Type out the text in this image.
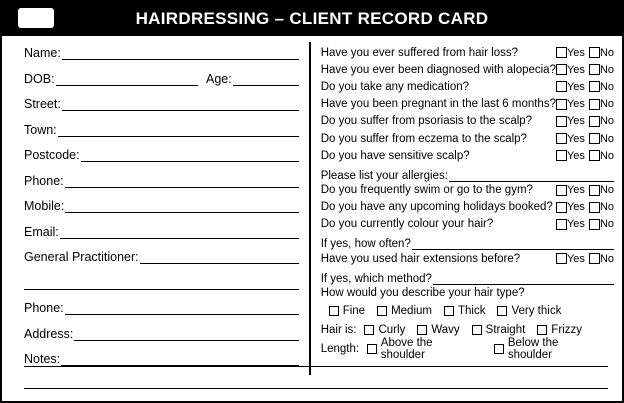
HAIRDRESSING – CLIENT RECORD CARD
Name:
DOB:	Age:
Street:
Town:
Postcode:
Phone:
Mobile:
Email:
General Practitioner:
Phone:
Address:
Notes:
Have you ever suffered from hair loss?	Yes No
Have you ever been diagnosed with alopecia? Yes No
Do you take any medication?	Yes No
Have you been pregnant in the last 6 months? Yes No
Do you suffer from psoriasis to the scalp?	Yes No
Do you suffer from eczema to the scalp?	Yes No
Do you have sensitive scalp?	Yes No
Please list your allergies:
Do you frequently swim or go to the gym?	Yes No
Do you have any upcoming holidays booked? Yes No
Do you currently colour your hair?	Yes No
If yes, how often?
Have you used hair extensions before?	Yes No
If yes, which method?
How would you describe your hair type?
Fine Medium Thick Very thick
Hair is: Curly Wavy Straight Frizzy
Length: Above the shoulder
Below the shoulder
